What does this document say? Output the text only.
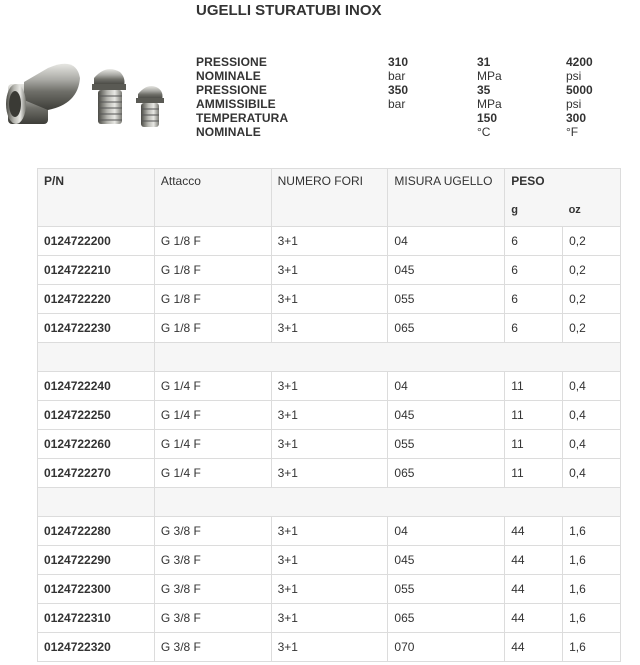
UGELLI STURATUBI INOX
PRESSIONE NOMINALE
310 bar
31 MPa
4200 psi
PRESSIONE AMMISSIBILE
350 bar
35 MPa
5000 psi
TEMPERATURA NOMINALE
150 °C
300 °F
P/N	Attacco	NUMERO FORI	MISURA UGELLO	PESO	
				g	oz
0124722200	G 1/8 F	3+1	04	6	0,2
0124722210	G 1/8 F	3+1	045	6	0,2
0124722220	G 1/8 F	3+1	055	6	0,2
0124722230	G 1/8 F	3+1	065	6	0,2

0124722240	G 1/4 F	3+1	04	11	0,4
0124722250	G 1/4 F	3+1	045	11	0,4
0124722260	G 1/4 F	3+1	055	11	0,4
0124722270	G 1/4 F	3+1	065	11	0,4

0124722280	G 3/8 F	3+1	04	44	1,6
0124722290	G 3/8 F	3+1	045	44	1,6
0124722300	G 3/8 F	3+1	055	44	1,6
0124722310	G 3/8 F	3+1	065	44	1,6
0124722320	G 3/8 F	3+1	070	44	1,6
